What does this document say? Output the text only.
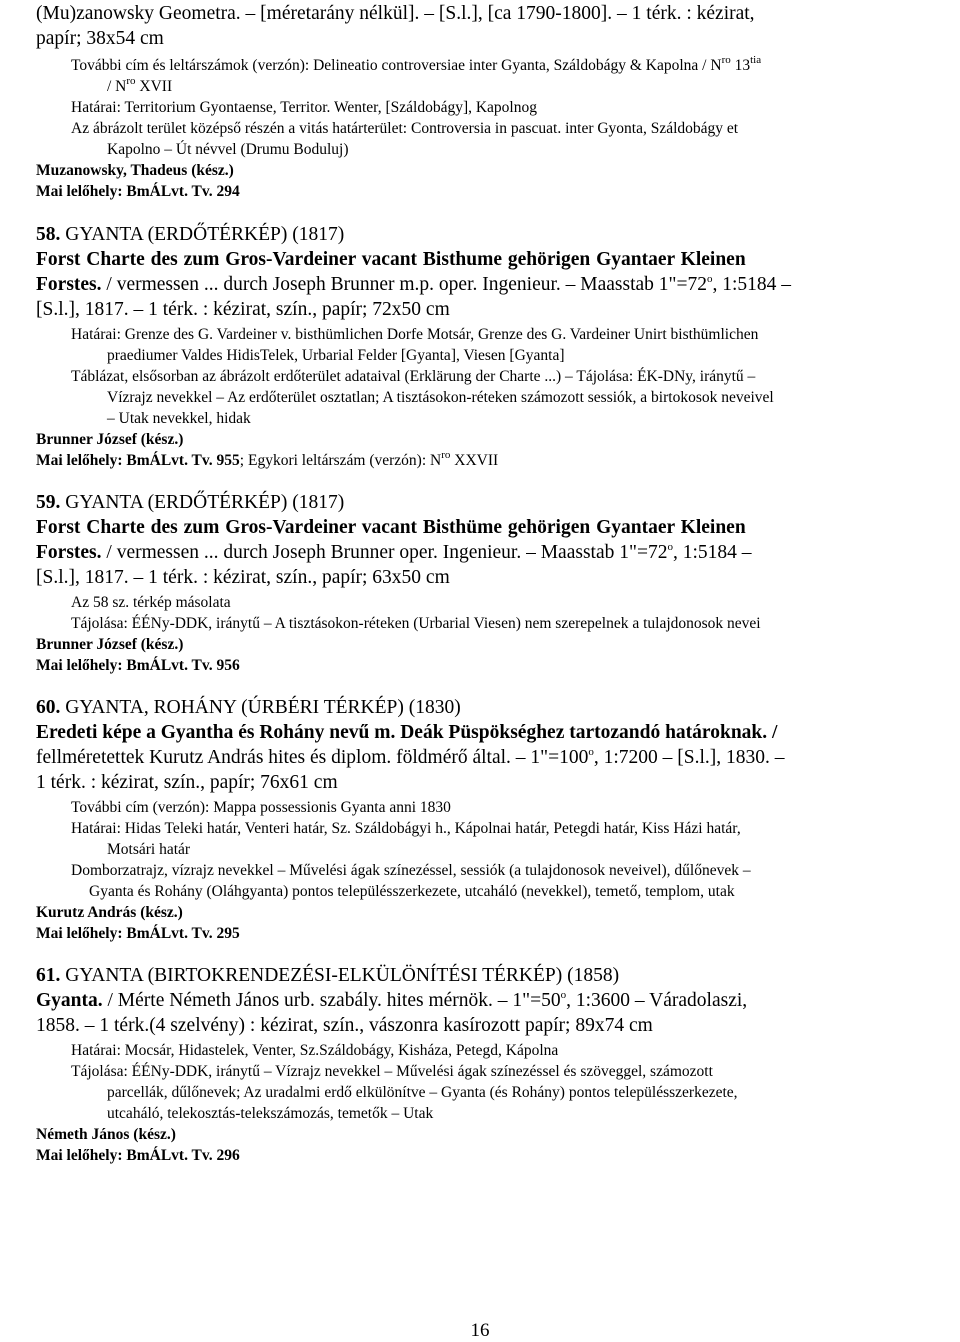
(Mu)zanowsky Geometra. – [méretarány nélkül]. – [S.l.], [ca 1790-1800]. – 1 térk. : kézirat,

papír; 38x54 cm

További cím és leltárszámok (verzón): Delineatio controversiae inter Gyanta, Száldobágy & Kapolna / $N^{ro}$ $13^{tia}$

/ $N^{ro}$ XVII

Határai: Territorium Gyontaense, Territor. Wenter, [Száldobágy], Kapolnog

Az ábrázolt terület középső részén a vitás határterület: Controversia in pascuat. inter Gyonta, Száldobágy et

Kapolno – Út névvel (Drumu Boduluj)

Muzanowsky, Thadeus (kész.)

Mai lelőhely: BmÁLvt. Tv. 294

58. GYANTA (ERDŐTÉRKÉP) (1817)

Forst Charte des zum Gros-Vardeiner vacant Bisthume gehörigen Gyantaer Kleinen

Forstes. / vermessen ... durch Joseph Brunner m.p. oper. Ingenieur. – Maasstab $1"=72^o$, 1:5184 –

[S.l.], 1817. – 1 térk. : kézirat, szín., papír; 72x50 cm

Határai: Grenze des G. Vardeiner v. bisthümlichen Dorfe Motsár, Grenze des G. Vardeiner Unirt bisthümlichen

praediumer Valdes HidisTelek, Urbarial Felder [Gyanta], Viesen [Gyanta]

Táblázat, elsősorban az ábrázolt erdőterület adataival (Erklärung der Charte ...) – Tájolása: ÉK-DNy, iránytű –

Vízrajz nevekkel – Az erdőterület osztatlan; A tisztásokon-réteken számozott sessiók, a birtokosok neveivel

– Utak nevekkel, hidak

Brunner József (kész.)

Mai lelőhely: BmÁLvt. Tv. 955; Egykori leltárszám (verzón): $N^{ro}$ XXVII

59. GYANTA (ERDŐTÉRKÉP) (1817)

Forst Charte des zum Gros-Vardeiner vacant Bisthüme gehörigen Gyantaer Kleinen

Forstes. / vermessen ... durch Joseph Brunner oper. Ingenieur. – Maasstab $1"=72^o$, 1:5184 –

[S.l.], 1817. – 1 térk. : kézirat, szín., papír; 63x50 cm

Az 58 sz. térkép másolata

Tájolása: ÉÉNy-DDK, iránytű – A tisztásokon-réteken (Urbarial Viesen) nem szerepelnek a tulajdonosok nevei

Brunner József (kész.)

Mai lelőhely: BmÁLvt. Tv. 956

60. GYANTA, ROHÁNY (ÚRBÉRI TÉRKÉP) (1830)

Eredeti képe a Gyantha és Rohány nevű m. Deák Püspökséghez tartozandó határoknak. /

fellméretettek Kurutz András hites és diplom. földmérő által. – $1"=100^o$, 1:7200 – [S.l.], 1830. –

1 térk. : kézirat, szín., papír; 76x61 cm

További cím (verzón): Mappa possessionis Gyanta anni 1830

Határai: Hidas Teleki határ, Venteri határ, Sz. Száldobágyi h., Kápolnai határ, Petegdi határ, Kiss Házi határ,

Motsári határ

Domborzatrajz, vízrajz nevekkel – Művelési ágak színezéssel, sessiók (a tulajdonosok neveivel), dűlőnevek –

Gyanta és Rohány (Oláhgyanta) pontos településszerkezete, utcaháló (nevekkel), temető, templom, utak

Kurutz András (kész.)

Mai lelőhely: BmÁLvt. Tv. 295

61. GYANTA (BIRTOKRENDEZÉSI-ELKÜLÖNÍTÉSI TÉRKÉP) (1858)

Gyanta. / Mérte Németh János urb. szabály. hites mérnök. – $1"=50^o$, 1:3600 – Váradolaszi,

1858. – 1 térk.(4 szelvény) : kézirat, szín., vászonra kasírozott papír; 89x74 cm

Határai: Mocsár, Hidastelek, Venter, Sz.Száldobágy, Kisháza, Petegd, Kápolna

Tájolása: ÉÉNy-DDK, iránytű – Vízrajz nevekkel – Művelési ágak színezéssel és szöveggel, számozott

parcellák, dűlőnevek; Az uradalmi erdő elkülönítve – Gyanta (és Rohány) pontos településszerkezete,

utcaháló, telekosztás-telekszámozás, temetők – Utak

Németh János (kész.)

Mai lelőhely: BmÁLvt. Tv. 296

16
